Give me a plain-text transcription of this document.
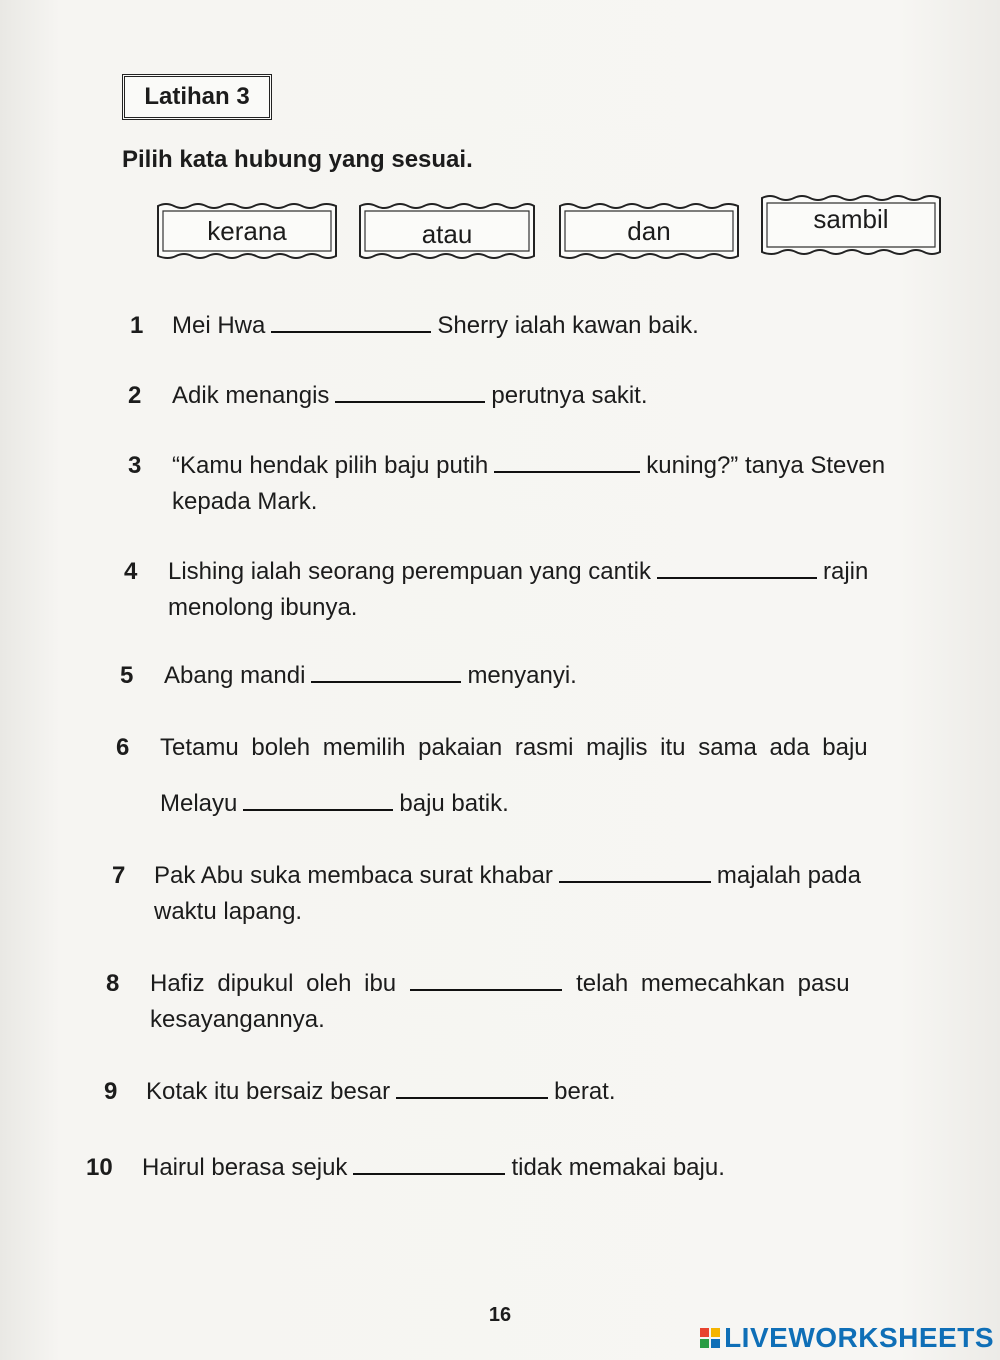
Latihan 3
Pilih kata hubung yang sesuai.
kerana	atau	dan	sambil
1 Mei Hwa	Sherry ialah kawan baik.
2 Adik menangis	perutnya sakit.
3 “Kamu hendak pilih baju putih	kuning?” tanya Steven
kepada Mark.
4 Lishing ialah seorang perempuan yang cantik	rajin
menolong ibunya.
5 Abang mandi	menyanyi.
6 Tetamu boleh memilih pakaian rasmi majlis itu sama ada baju
Melayu	baju batik.
7 Pak Abu suka membaca surat khabar	majalah pada
waktu lapang.
8 Hafiz dipukul oleh ibu	telah memecahkan pasu
kesayangannya.
9 Kotak itu bersaiz besar	berat.
10 Hairul berasa sejuk	tidak memakai baju.
16
LIVEWORKSHEETS
